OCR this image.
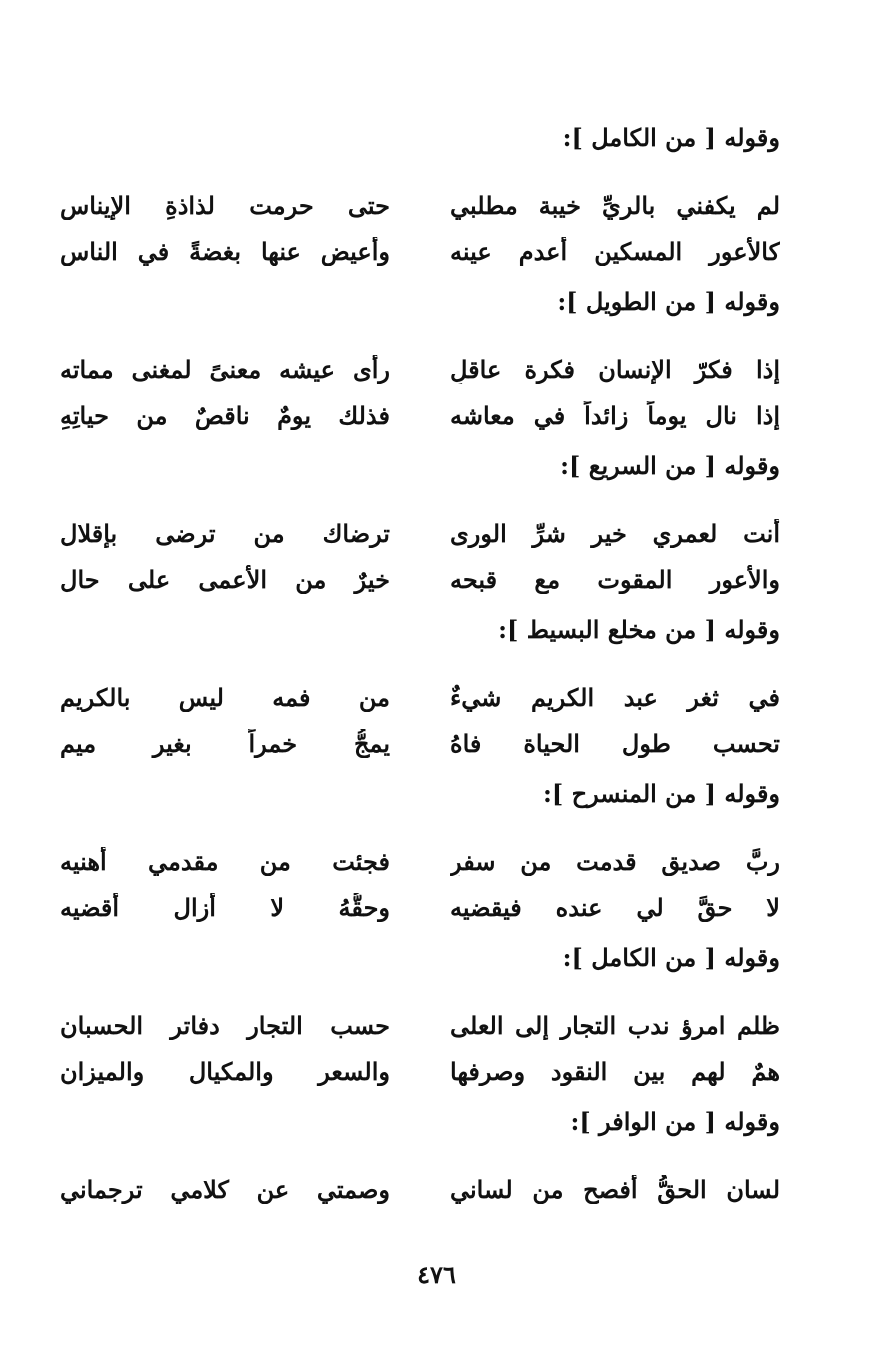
وقوله [ من الكامل ]:
لم يكفني بالريِّ خيبة مطلبي
حتى حرمت لذاذةِ الإيناس
كالأعور المسكين أعدم عينه
وأُعيض عنها بغضةً في الناس
وقوله [ من الطويل ]:
إذا فكرّ الإنسان فكرة عاقلٍ
رأى عيشه معنىً لمغنى مماته
إذا نال يوماً زائداً في معاشه
فذلك يومٌ ناقصٌ من حياتِهِ
وقوله [ من السريع ]:
أنت لعمري خير شرِّ الورى
ترضاك من ترضى بإقلال
والأعور المقوت مع قبحه
خيرٌ من الأعمى على حال
وقوله [ من مخلع البسيط ]:
في ثغر عبد الكريم شيءٌ
من فمه ليس بالكريم
تحسب طول الحياة فاهُ
يمجُّ خمراً بغير ميم
وقوله [ من المنسرح ]:
ربَّ صديقٍ قدمت من سفرٍ
فجئت من مقدمي أهنيه
لا حقَّ لي عنده فيقضيه
وحقُّهُ لا أزال أقضيه
وقوله [ من الكامل ]:
ظلم امرؤ ندب التجار إلى العلى
حسب التجار دفاتر الحسبان
همٌ لهم بين النقود وصرفها
والسعر والمكيال والميزان
وقوله [ من الوافر ]:
لسان الحقُّ أفصح من لساني
وصمتي عن كلامي ترجماني
٤٧٦
